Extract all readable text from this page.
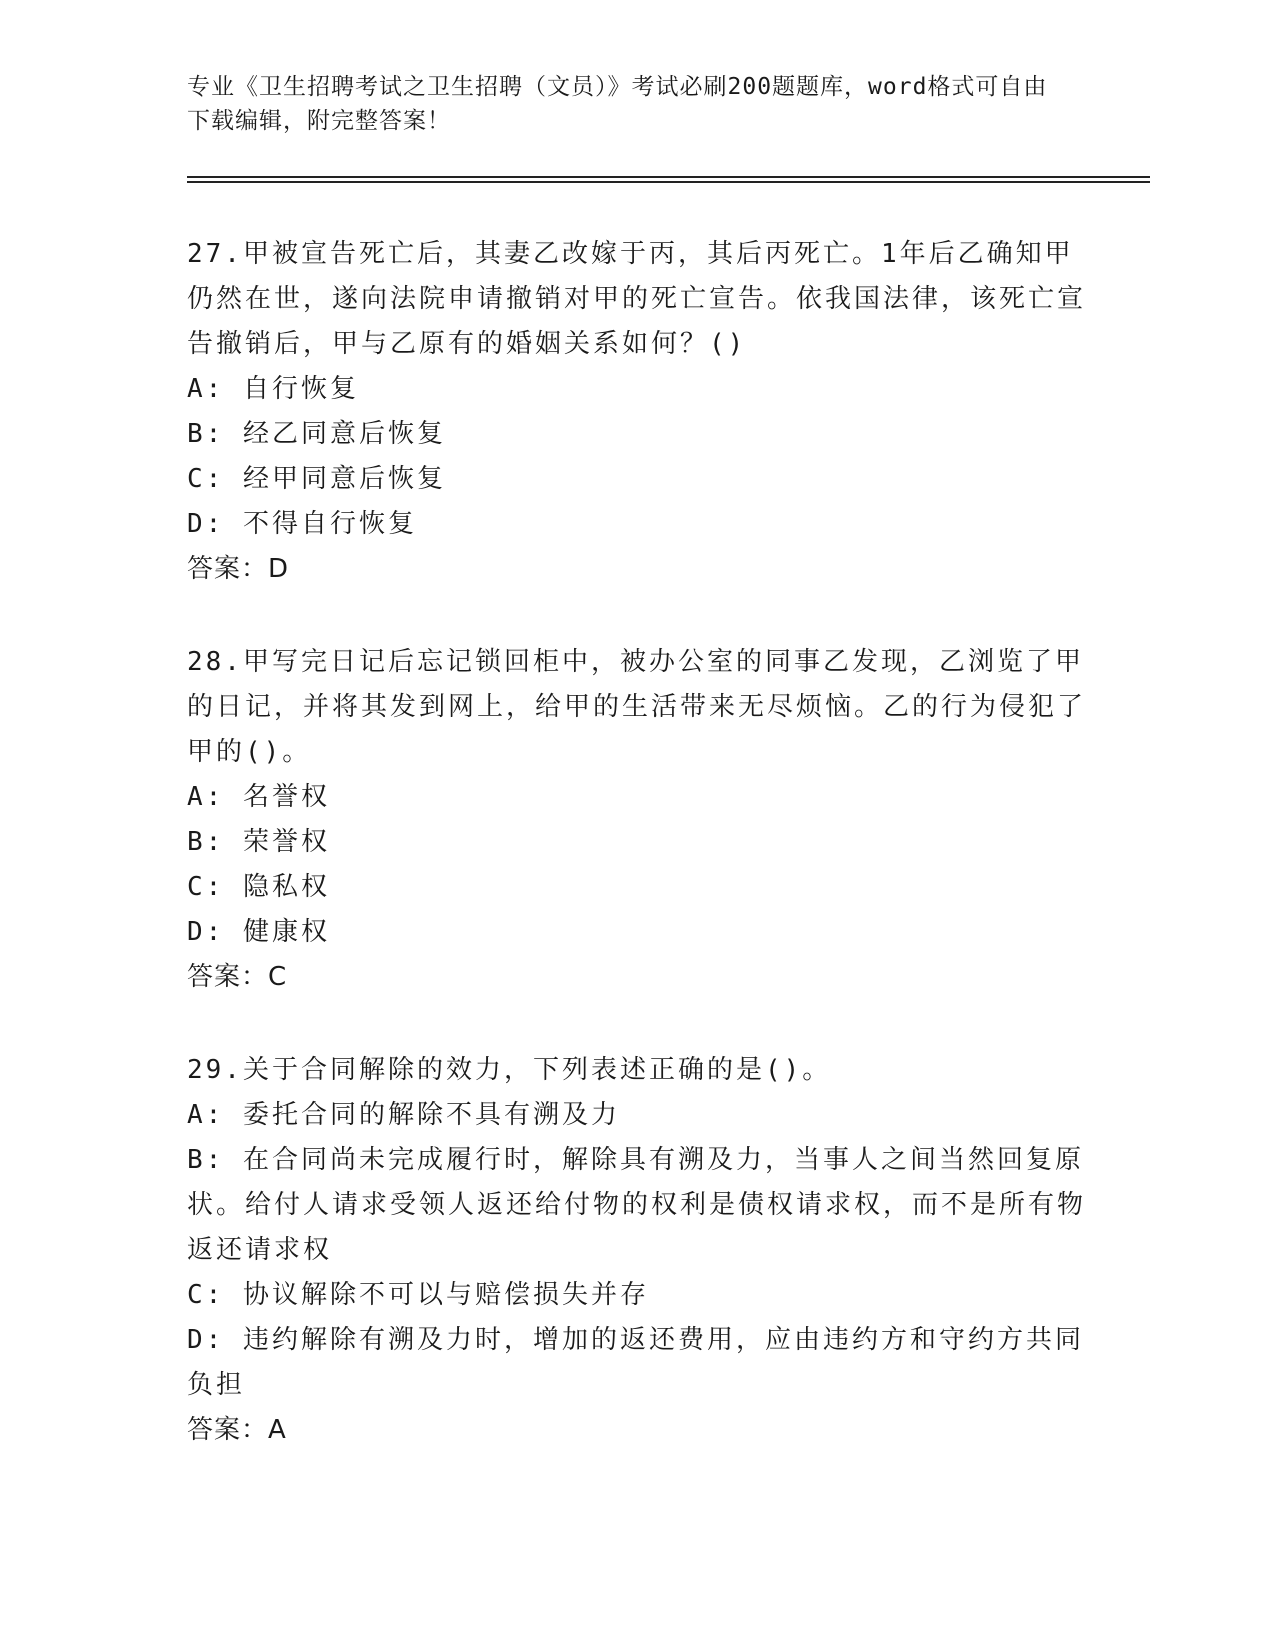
专业《卫生招聘考试之卫生招聘（文员）》考试必刷200题题库，word格式可自由下载编辑，附完整答案！
27.甲被宣告死亡后，其妻乙改嫁于丙，其后丙死亡。1年后乙确知甲仍然在世，遂向法院申请撤销对甲的死亡宣告。依我国法律，该死亡宣告撤销后，甲与乙原有的婚姻关系如何？()
A: 自行恢复
B: 经乙同意后恢复
C: 经甲同意后恢复
D: 不得自行恢复
答案：D
28.甲写完日记后忘记锁回柜中，被办公室的同事乙发现，乙浏览了甲的日记，并将其发到网上，给甲的生活带来无尽烦恼。乙的行为侵犯了甲的()。
A: 名誉权
B: 荣誉权
C: 隐私权
D: 健康权
答案：C
29.关于合同解除的效力，下列表述正确的是()。
A: 委托合同的解除不具有溯及力
B: 在合同尚未完成履行时，解除具有溯及力，当事人之间当然回复原状。给付人请求受领人返还给付物的权利是债权请求权，而不是所有物返还请求权
C: 协议解除不可以与赔偿损失并存
D: 违约解除有溯及力时，增加的返还费用，应由违约方和守约方共同负担
答案：A
